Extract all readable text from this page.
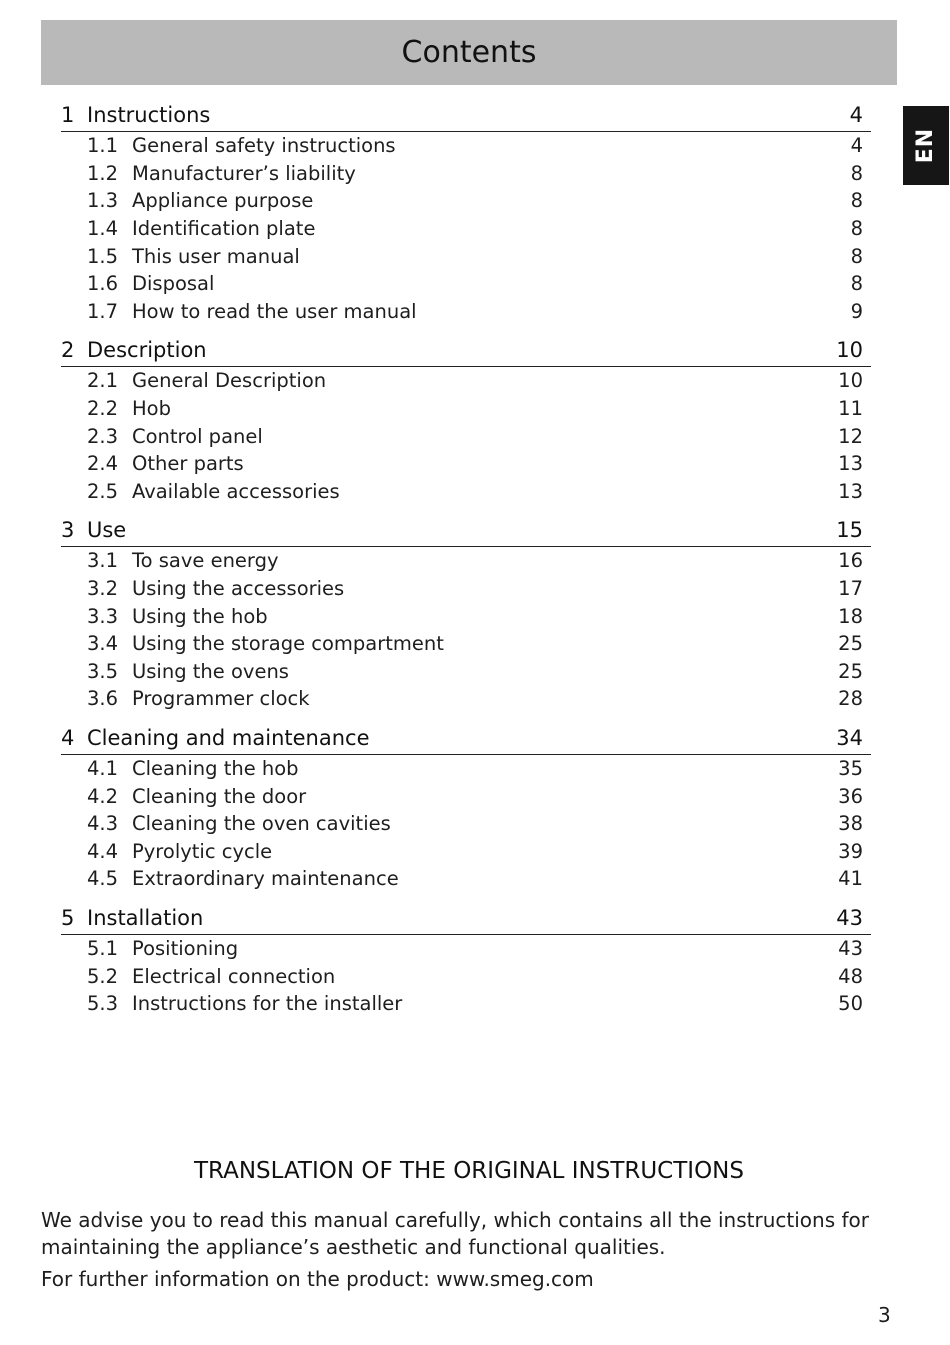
Contents
EN
1 Instructions	4
1.1 General safety instructions	4
1.2 Manufacturer’s liability	8
1.3 Appliance purpose	8
1.4 Identification plate	8
1.5 This user manual	8
1.6 Disposal	8
1.7 How to read the user manual	9
2 Description	10
2.1 General Description	10
2.2 Hob	11
2.3 Control panel	12
2.4 Other parts	13
2.5 Available accessories	13
3 Use	15
3.1 To save energy	16
3.2 Using the accessories	17
3.3 Using the hob	18
3.4 Using the storage compartment	25
3.5 Using the ovens	25
3.6 Programmer clock	28
4 Cleaning and maintenance	34
4.1 Cleaning the hob	35
4.2 Cleaning the door	36
4.3 Cleaning the oven cavities	38
4.4 Pyrolytic cycle	39
4.5 Extraordinary maintenance	41
5 Installation	43
5.1 Positioning	43
5.2 Electrical connection	48
5.3 Instructions for the installer	50
TRANSLATION OF THE ORIGINAL INSTRUCTIONS

We advise you to read this manual carefully, which contains all the instructions for maintaining the appliance’s aesthetic and functional qualities.

For further information on the product: www.smeg.com

3
